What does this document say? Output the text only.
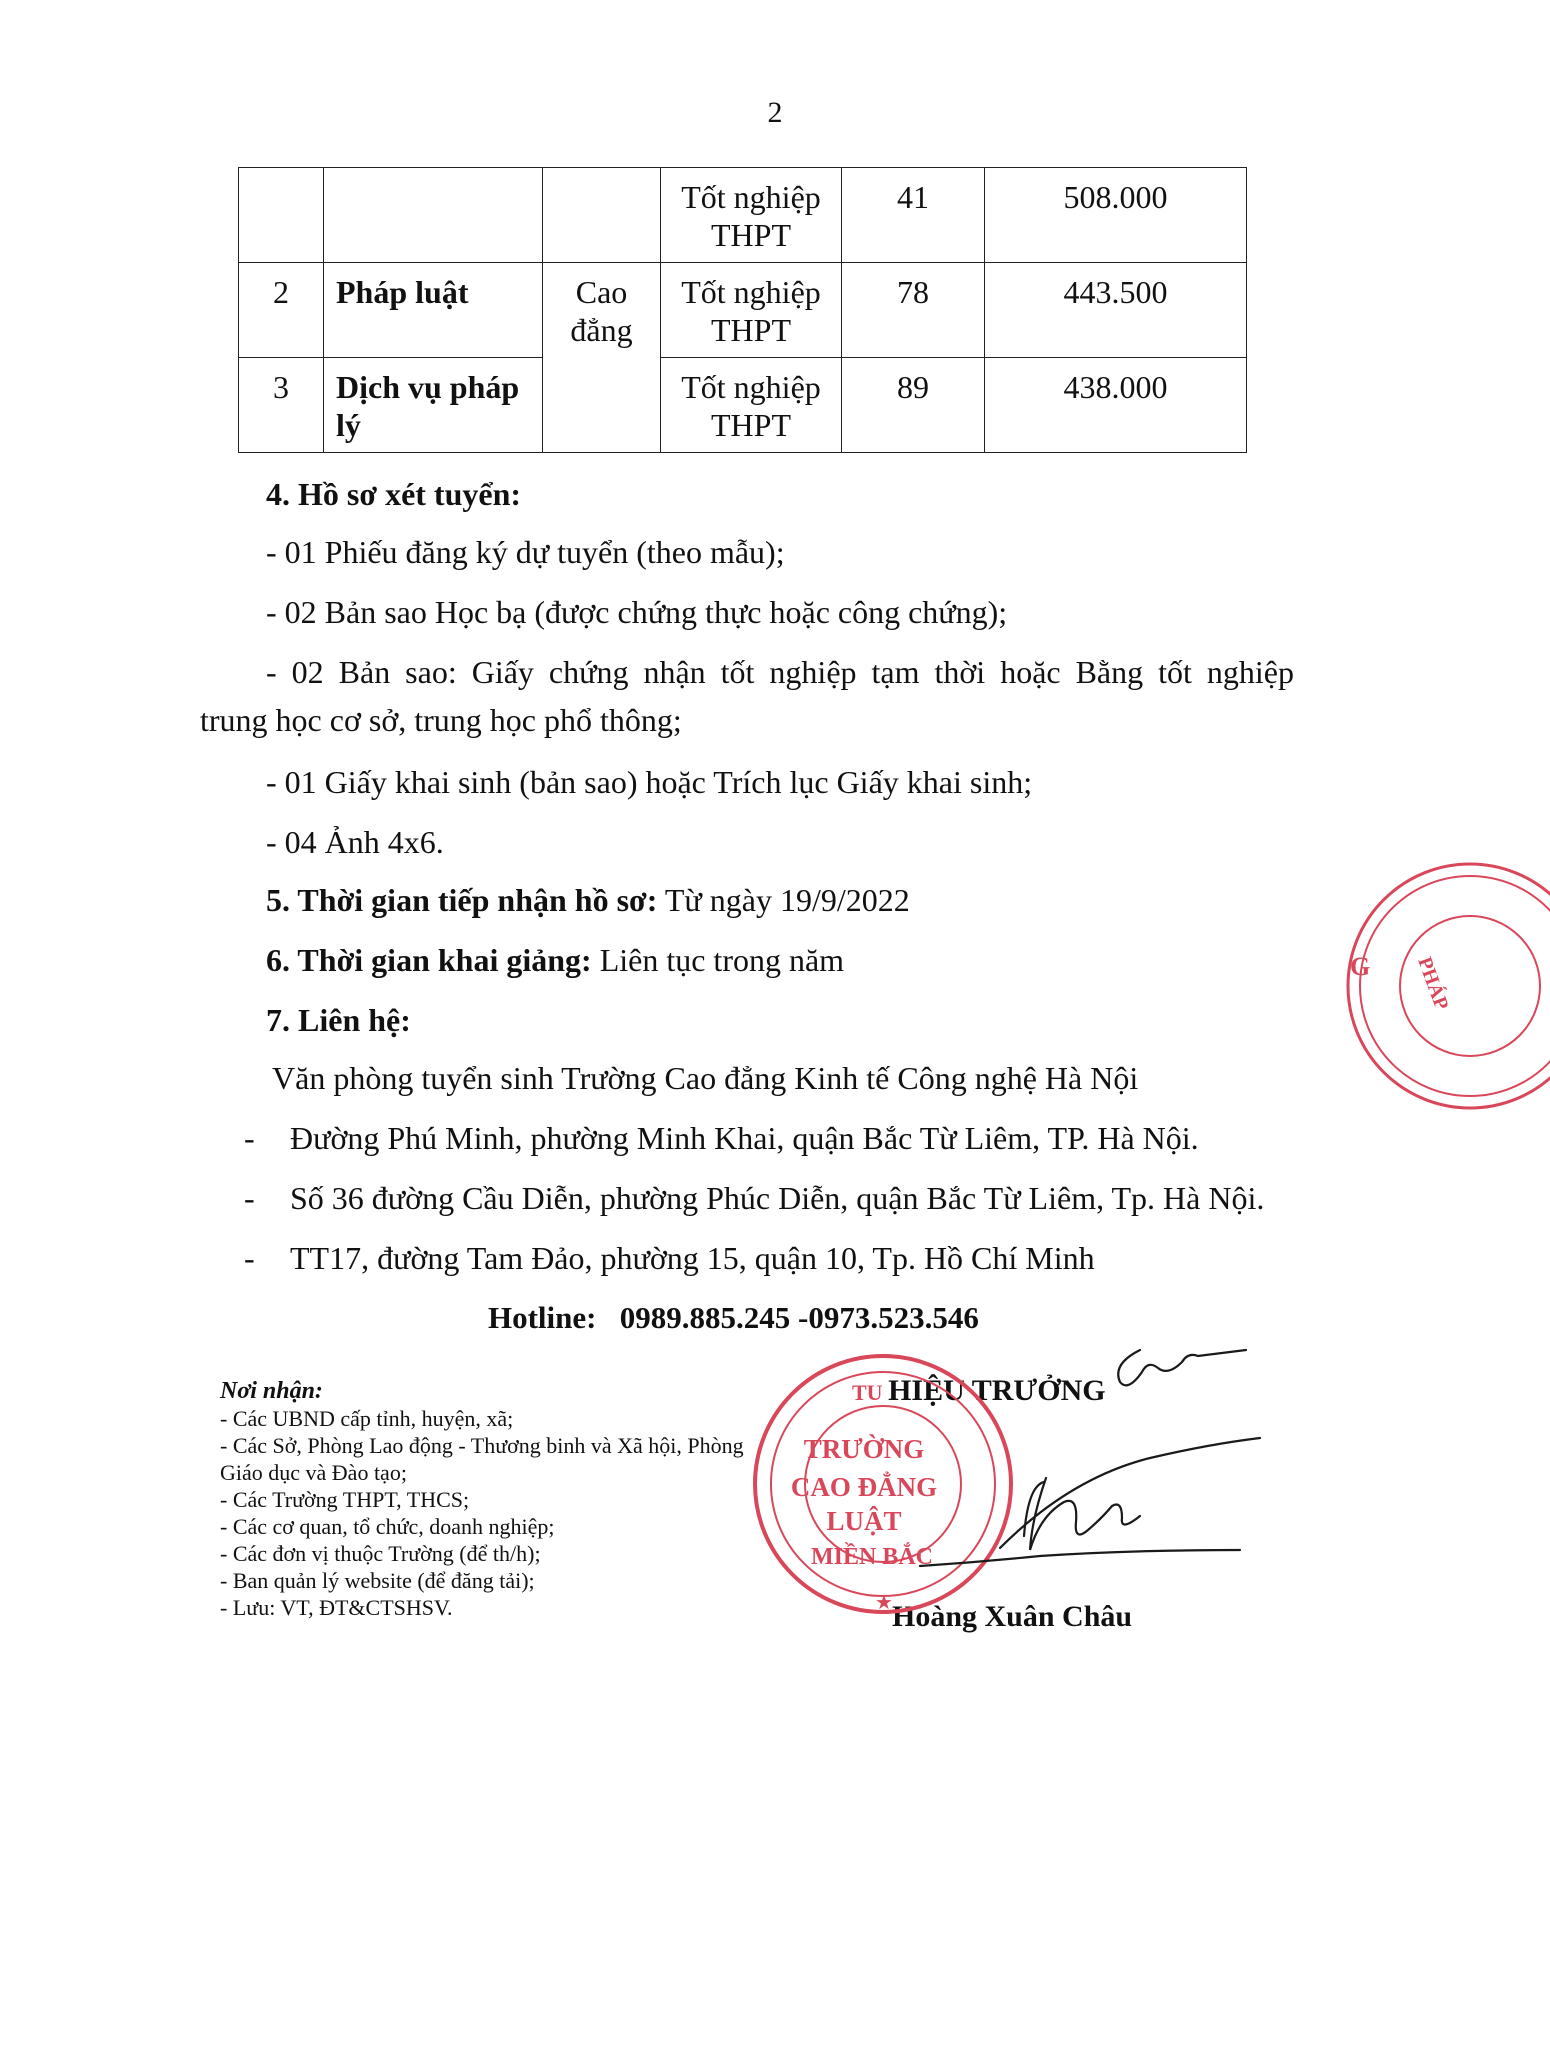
2
			Tốt nghiệp THPT	41	508.000
2	Pháp luật	Cao đẳng	Tốt nghiệp THPT	78	443.500
3	Dịch vụ pháp lý		Tốt nghiệp THPT	89	438.000
4. Hồ sơ xét tuyển:
- 01 Phiếu đăng ký dự tuyển (theo mẫu);
- 02 Bản sao Học bạ (được chứng thực hoặc công chứng);
- 02 Bản sao: Giấy chứng nhận tốt nghiệp tạm thời hoặc Bằng tốt nghiệp
trung học cơ sở, trung học phổ thông;
- 01 Giấy khai sinh (bản sao) hoặc Trích lục Giấy khai sinh;
- 04 Ảnh 4x6.
5. Thời gian tiếp nhận hồ sơ: Từ ngày 19/9/2022
6. Thời gian khai giảng: Liên tục trong năm
7. Liên hệ:
Văn phòng tuyển sinh Trường Cao đẳng Kinh tế Công nghệ Hà Nội
- Đường Phú Minh, phường Minh Khai, quận Bắc Từ Liêm, TP. Hà Nội.
- Số 36 đường Cầu Diễn, phường Phúc Diễn, quận Bắc Từ Liêm, Tp. Hà Nội.
- TT17, đường Tam Đảo, phường 15, quận 10, Tp. Hồ Chí Minh
Hotline: 0989.885.245 -0973.523.546
Nơi nhận:
- Các UBND cấp tỉnh, huyện, xã;
- Các Sở, Phòng Lao động - Thương binh và Xã hội, Phòng Giáo dục và Đào tạo;
- Các Trường THPT, THCS;
- Các cơ quan, tổ chức, doanh nghiệp;
- Các đơn vị thuộc Trường (để th/h);
- Ban quản lý website (để đăng tải);
- Lưu: VT, ĐT&CTSHSV.
TU HIỆU TRƯỞNG
Hoàng Xuân Châu
G PHÁP
TRƯỜNG
CAO ĐẲNG
LUẬT
MIỀN BẮC
★
